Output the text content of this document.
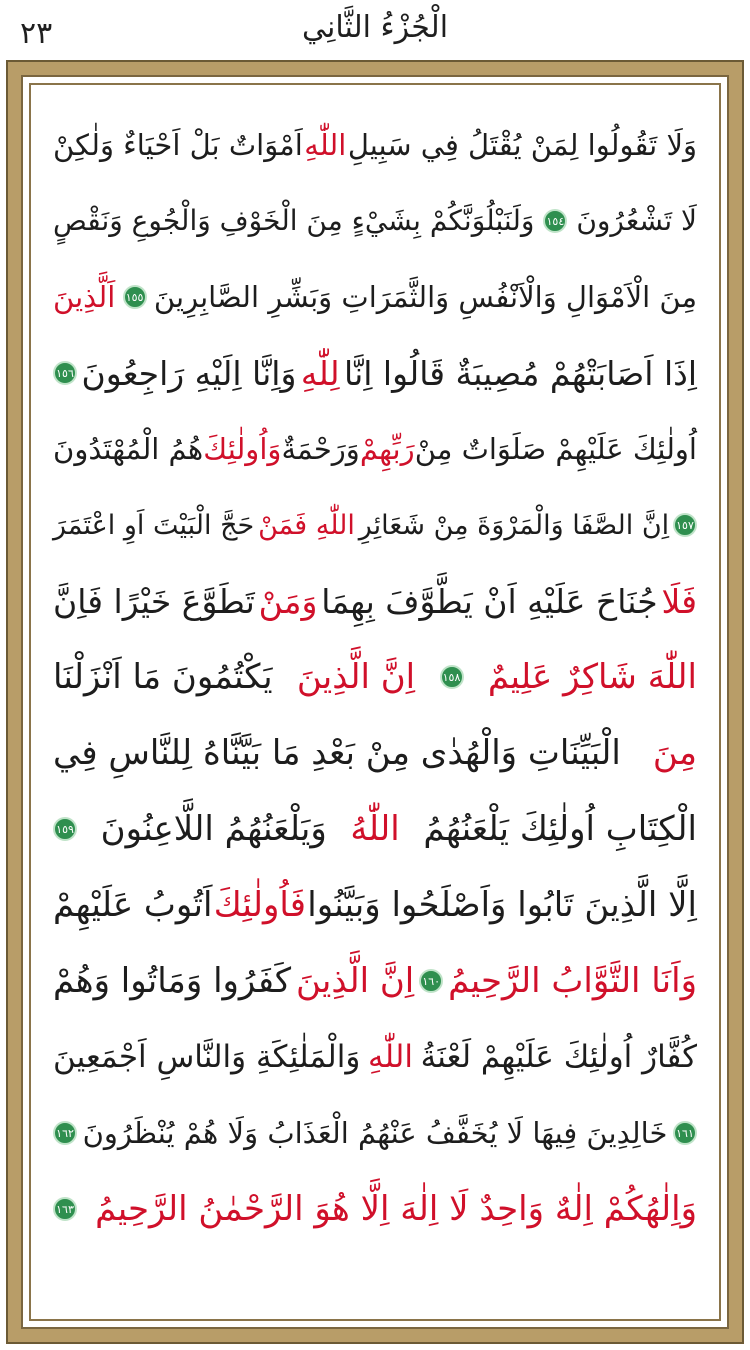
٢٣	الْجُزْءُ الثَّانِي
وَلَا تَقُولُوا لِمَنْ يُقْتَلُ فِي سَبِيلِ
اللّٰهِ
اَمْوَاتٌ بَلْ اَحْيَاءٌ وَلٰكِنْ
لَا تَشْعُرُونَ
١٥٤
وَلَنَبْلُوَنَّكُمْ بِشَيْءٍ مِنَ الْخَوْفِ وَالْجُوعِ وَنَقْصٍ
مِنَ الْاَمْوَالِ وَالْاَنْفُسِ وَالثَّمَرَاتِ وَبَشِّرِ الصَّابِرِينَ
١٥٥
اَلَّذِينَ
اِذَا اَصَابَتْهُمْ مُصِيبَةٌ قَالُوا اِنَّا
لِلّٰهِ
وَاِنَّا اِلَيْهِ رَاجِعُونَ
١٥٦
اُولٰئِكَ عَلَيْهِمْ صَلَوَاتٌ مِنْ
رَبِّهِمْ
وَرَحْمَةٌ
وَاُولٰئِكَ
هُمُ الْمُهْتَدُونَ
١٥٧
اِنَّ الصَّفَا وَالْمَرْوَةَ مِنْ شَعَائِرِ
اللّٰهِ فَمَنْ
حَجَّ الْبَيْتَ اَوِ اعْتَمَرَ
فَلَا
جُنَاحَ عَلَيْهِ اَنْ يَطَّوَّفَ بِهِمَا
وَمَنْ
تَطَوَّعَ خَيْرًا فَاِنَّ
اللّٰهَ شَاكِرٌ عَلِيمٌ
١٥٨
اِنَّ الَّذِينَ
يَكْتُمُونَ مَا اَنْزَلْنَا
مِنَ
الْبَيِّنَاتِ وَالْهُدٰى مِنْ بَعْدِ مَا بَيَّنَّاهُ لِلنَّاسِ فِي
الْكِتَابِ اُولٰئِكَ يَلْعَنُهُمُ
اللّٰهُ
وَيَلْعَنُهُمُ اللَّاعِنُونَ
١٥٩
اِلَّا الَّذِينَ تَابُوا وَاَصْلَحُوا وَبَيَّنُوا
فَاُولٰئِكَ
اَتُوبُ عَلَيْهِمْ
وَاَنَا التَّوَّابُ الرَّحِيمُ
١٦٠
اِنَّ الَّذِينَ
كَفَرُوا وَمَاتُوا وَهُمْ
كُفَّارٌ اُولٰئِكَ عَلَيْهِمْ لَعْنَةُ
اللّٰهِ
وَالْمَلٰئِكَةِ وَالنَّاسِ اَجْمَعِينَ
١٦١
خَالِدِينَ فِيهَا لَا يُخَفَّفُ عَنْهُمُ الْعَذَابُ وَلَا هُمْ يُنْظَرُونَ
١٦٢
وَاِلٰهُكُمْ اِلٰهٌ وَاحِدٌ لَا اِلٰهَ اِلَّا هُوَ الرَّحْمٰنُ الرَّحِيمُ
١٦٣
